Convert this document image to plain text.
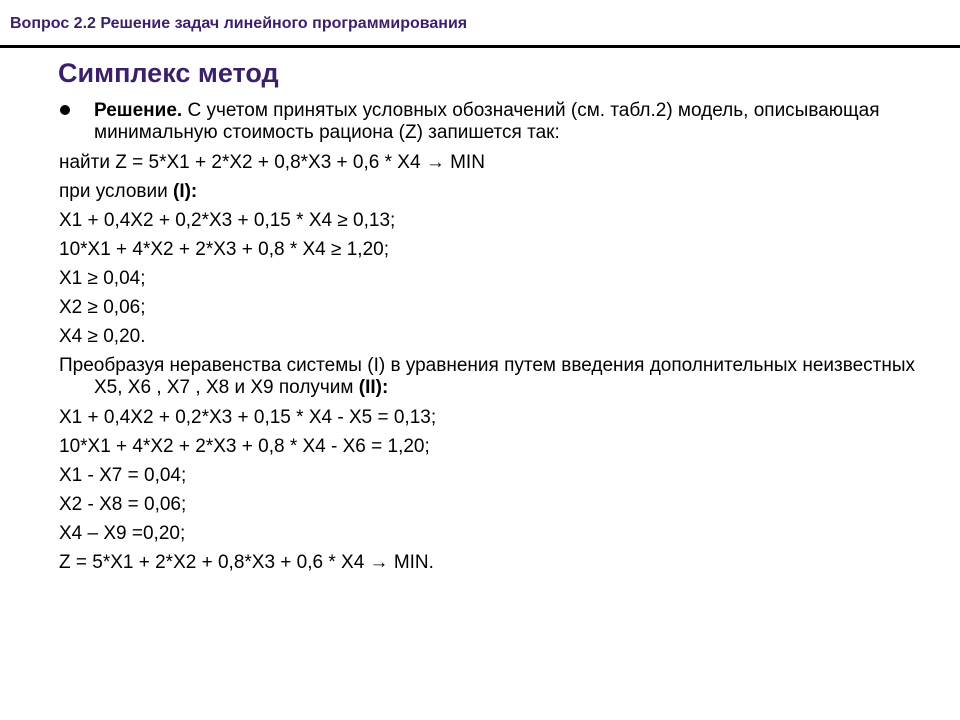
Вопрос 2.2 Решение задач линейного программирования
Симплекс метод
Решение. С учетом принятых условных обозначений (см. табл.2) модель, описывающая минимальную стоимость рациона (Z) запишется так:
найти Z = 5*X1 + 2*X2 + 0,8*X3 + 0,6 * X4 → MIN
при условии (I):
X1 + 0,4X2 + 0,2*X3 + 0,15 * X4 ≥ 0,13;
10*X1 + 4*X2 + 2*X3 + 0,8 * X4 ≥ 1,20;
X1 ≥ 0,04;
X2 ≥ 0,06;
X4 ≥ 0,20.
Преобразуя неравенства системы (I) в уравнения путем введения дополнительных неизвестных X5, X6 , X7 , X8 и X9 получим (II):
X1 + 0,4X2 + 0,2*X3 + 0,15 * X4 - X5 = 0,13;
10*X1 + 4*X2 + 2*X3 + 0,8 * X4 - X6 = 1,20;
X1 - X7 = 0,04;
X2 - X8 = 0,06;
X4 – X9 =0,20;
Z = 5*X1 + 2*X2 + 0,8*X3 + 0,6 * X4 → MIN.
